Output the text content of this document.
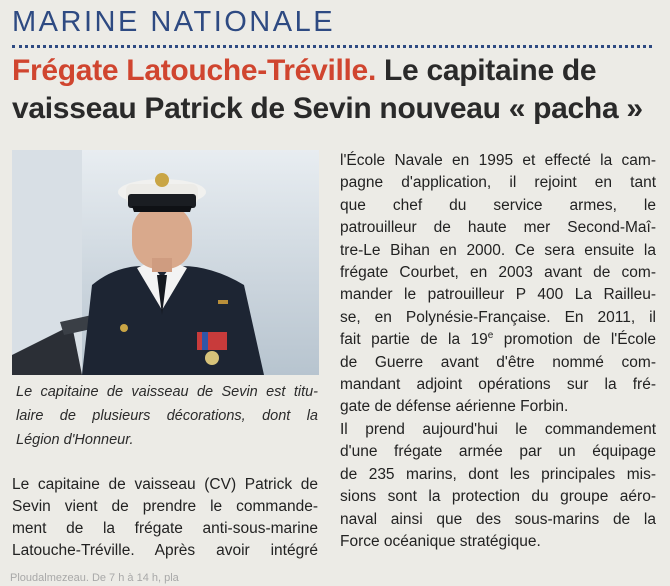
MARINE NATIONALE
Frégate Latouche-Tréville. Le capitaine de
vaisseau Patrick de Sevin nouveau « pacha »
Le capitaine de vaisseau de Sevin est titu-
laire de plusieurs décorations, dont la
Légion d'Honneur.
Le capitaine de vaisseau (CV) Patrick de
Sevin vient de prendre le commande-
ment de la frégate anti-sous-marine
Latouche-Tréville. Après avoir intégré
l'École Navale en 1995 et effecté la cam-
pagne d'application, il rejoint en tant
que chef du service armes, le
patrouilleur de haute mer Second-Maî-
tre-Le Bihan en 2000. Ce sera ensuite la
frégate Courbet, en 2003 avant de com-
mander le patrouilleur P 400 La Railleu-
se, en Polynésie-Française. En 2011, il
fait partie de la 19e promotion de l'École
de Guerre avant d'être nommé com-
mandant adjoint opérations sur la fré-
gate de défense aérienne Forbin.
Il prend aujourd'hui le commandement
d'une frégate armée par un équipage
de 235 marins, dont les principales mis-
sions sont la protection du groupe aéro-
naval ainsi que des sous-marins de la
Force océanique stratégique.
Plouda​lmezeau. De 7 h à 14 h, pla
